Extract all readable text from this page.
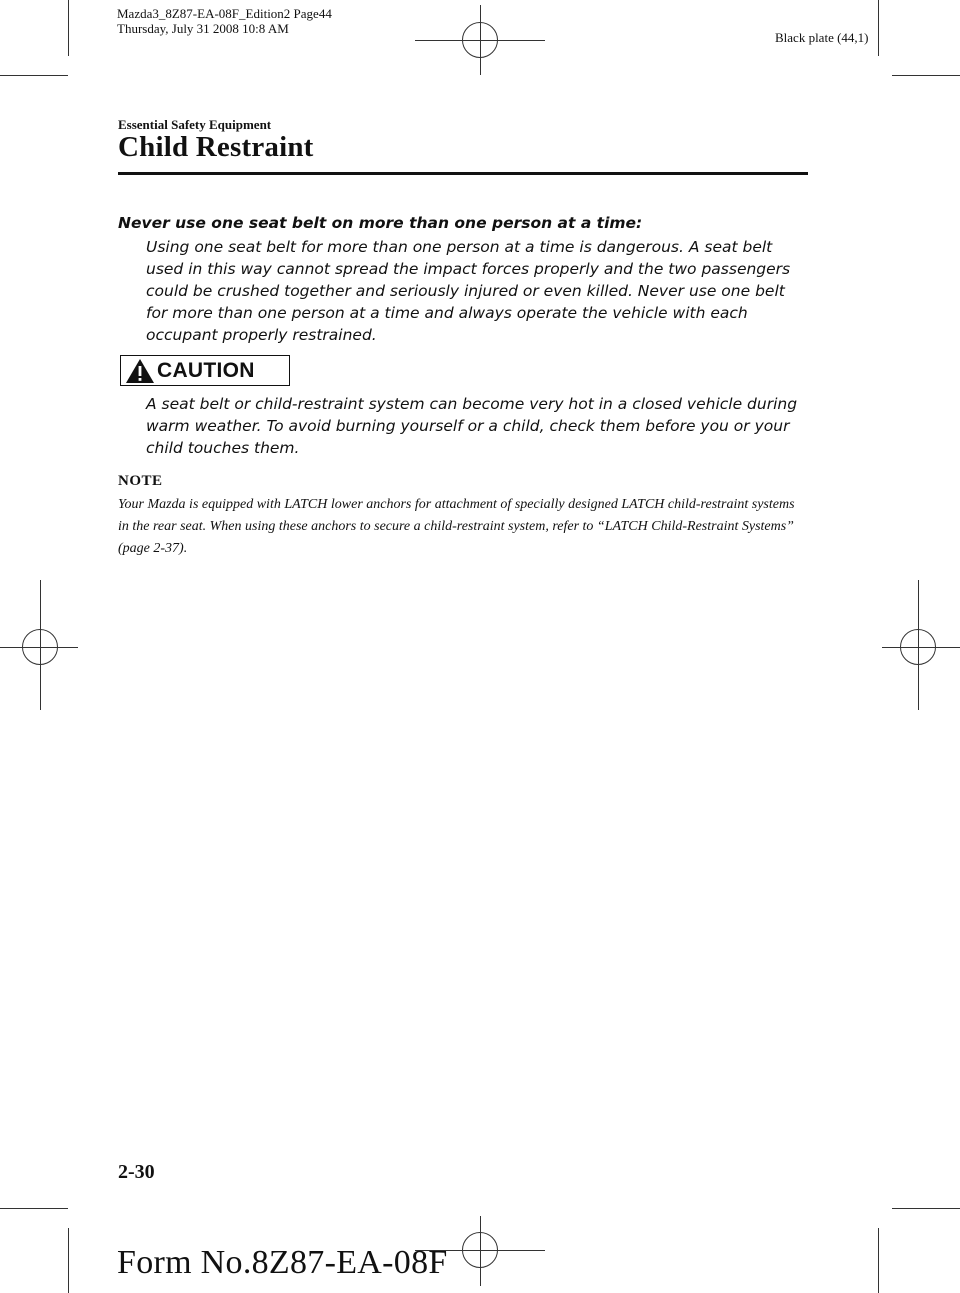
Mazda3_8Z87-EA-08F_Edition2 Page44
Thursday, July 31 2008 10:8 AM
Black plate (44,1)
Essential Safety Equipment
Child Restraint
Never use one seat belt on more than one person at a time:
Using one seat belt for more than one person at a time is dangerous. A seat belt used in this way cannot spread the impact forces properly and the two passengers could be crushed together and seriously injured or even killed. Never use one belt for more than one person at a time and always operate the vehicle with each occupant properly restrained.
CAUTION
A seat belt or child-restraint system can become very hot in a closed vehicle during warm weather. To avoid burning yourself or a child, check them before you or your child touches them.
NOTE
Your Mazda is equipped with LATCH lower anchors for attachment of specially designed LATCH child-restraint systems in the rear seat. When using these anchors to secure a child-restraint system, refer to “LATCH Child-Restraint Systems” (page 2-37).
2-30
Form No.8Z87-EA-08F
